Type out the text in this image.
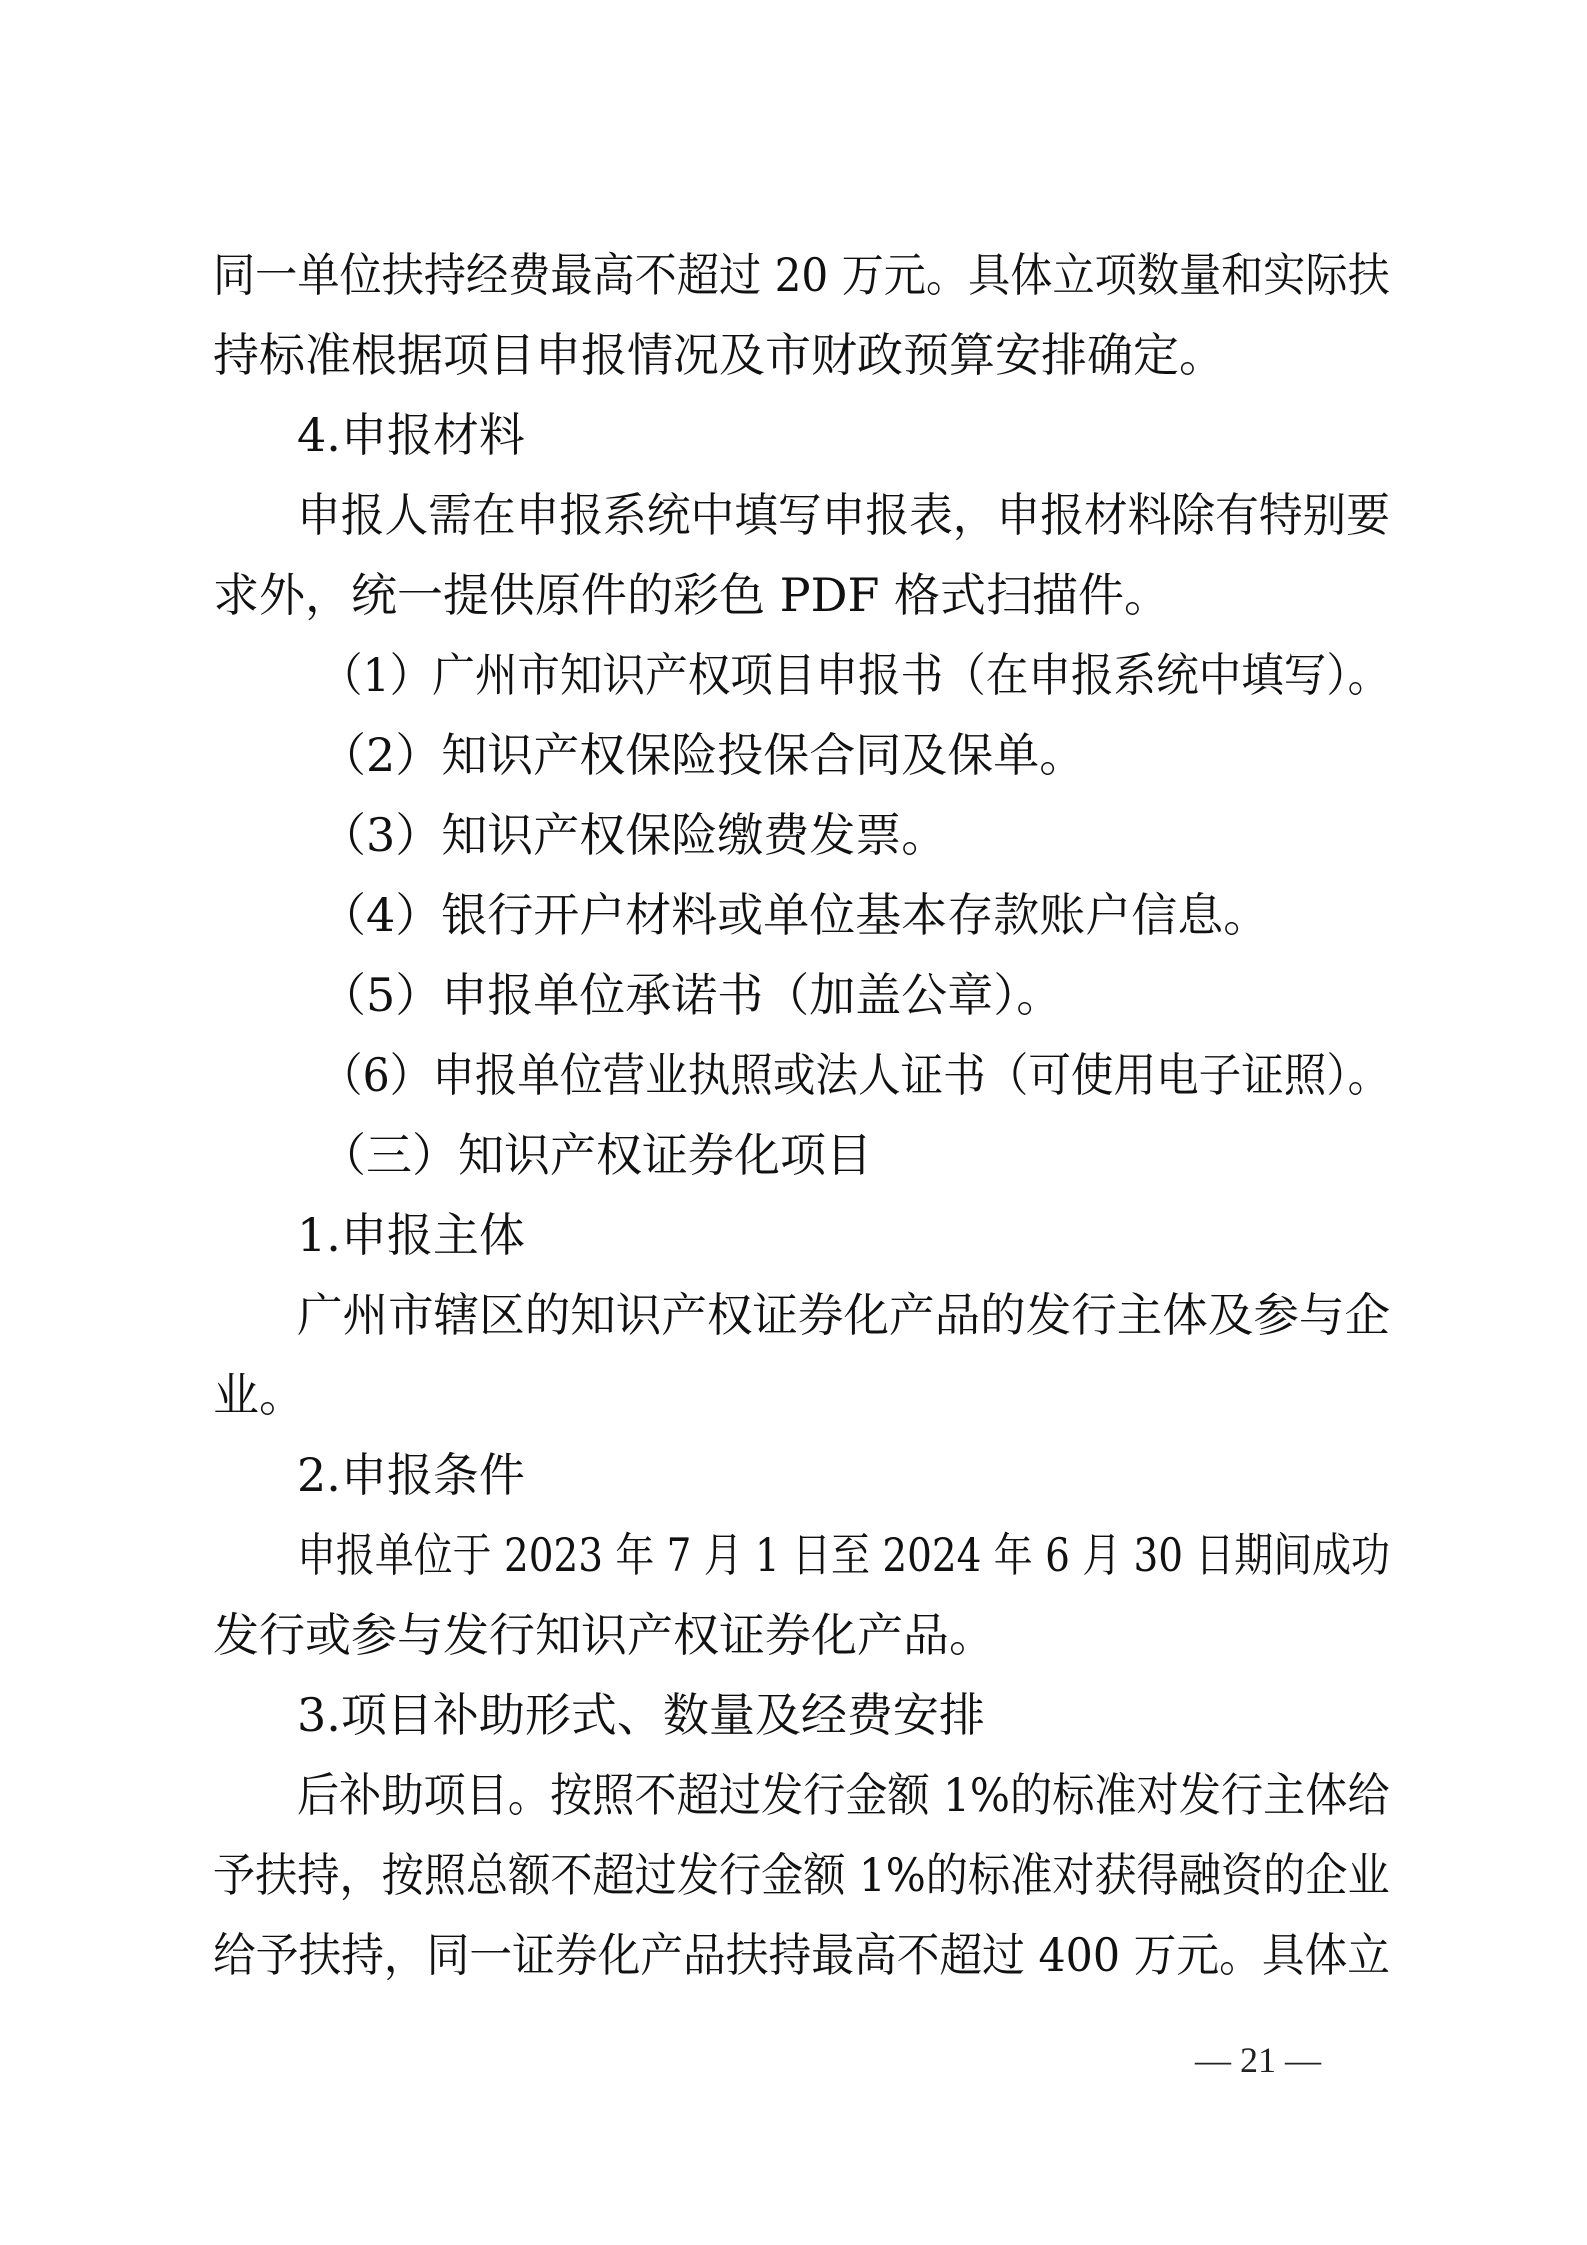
同一单位扶持经费最高不超过 20 万元。具体立项数量和实际扶
持标准根据项目申报情况及市财政预算安排确定。
4.申报材料
申报人需在申报系统中填写申报表，申报材料除有特别要
求外，统一提供原件的彩色 PDF 格式扫描件。
（1）广州市知识产权项目申报书（在申报系统中填写）。
（2）知识产权保险投保合同及保单。
（3）知识产权保险缴费发票。
（4）银行开户材料或单位基本存款账户信息。
（5）申报单位承诺书（加盖公章）。
（6）申报单位营业执照或法人证书（可使用电子证照）。
（三）知识产权证券化项目
1.申报主体
广州市辖区的知识产权证券化产品的发行主体及参与企
业。
2.申报条件
申报单位于 2023 年 7 月 1 日至 2024 年 6 月 30 日期间成功
发行或参与发行知识产权证券化产品。
3.项目补助形式、数量及经费安排
后补助项目。按照不超过发行金额 1%的标准对发行主体给
予扶持，按照总额不超过发行金额 1%的标准对获得融资的企业
给予扶持，同一证券化产品扶持最高不超过 400 万元。具体立
— 21 —
